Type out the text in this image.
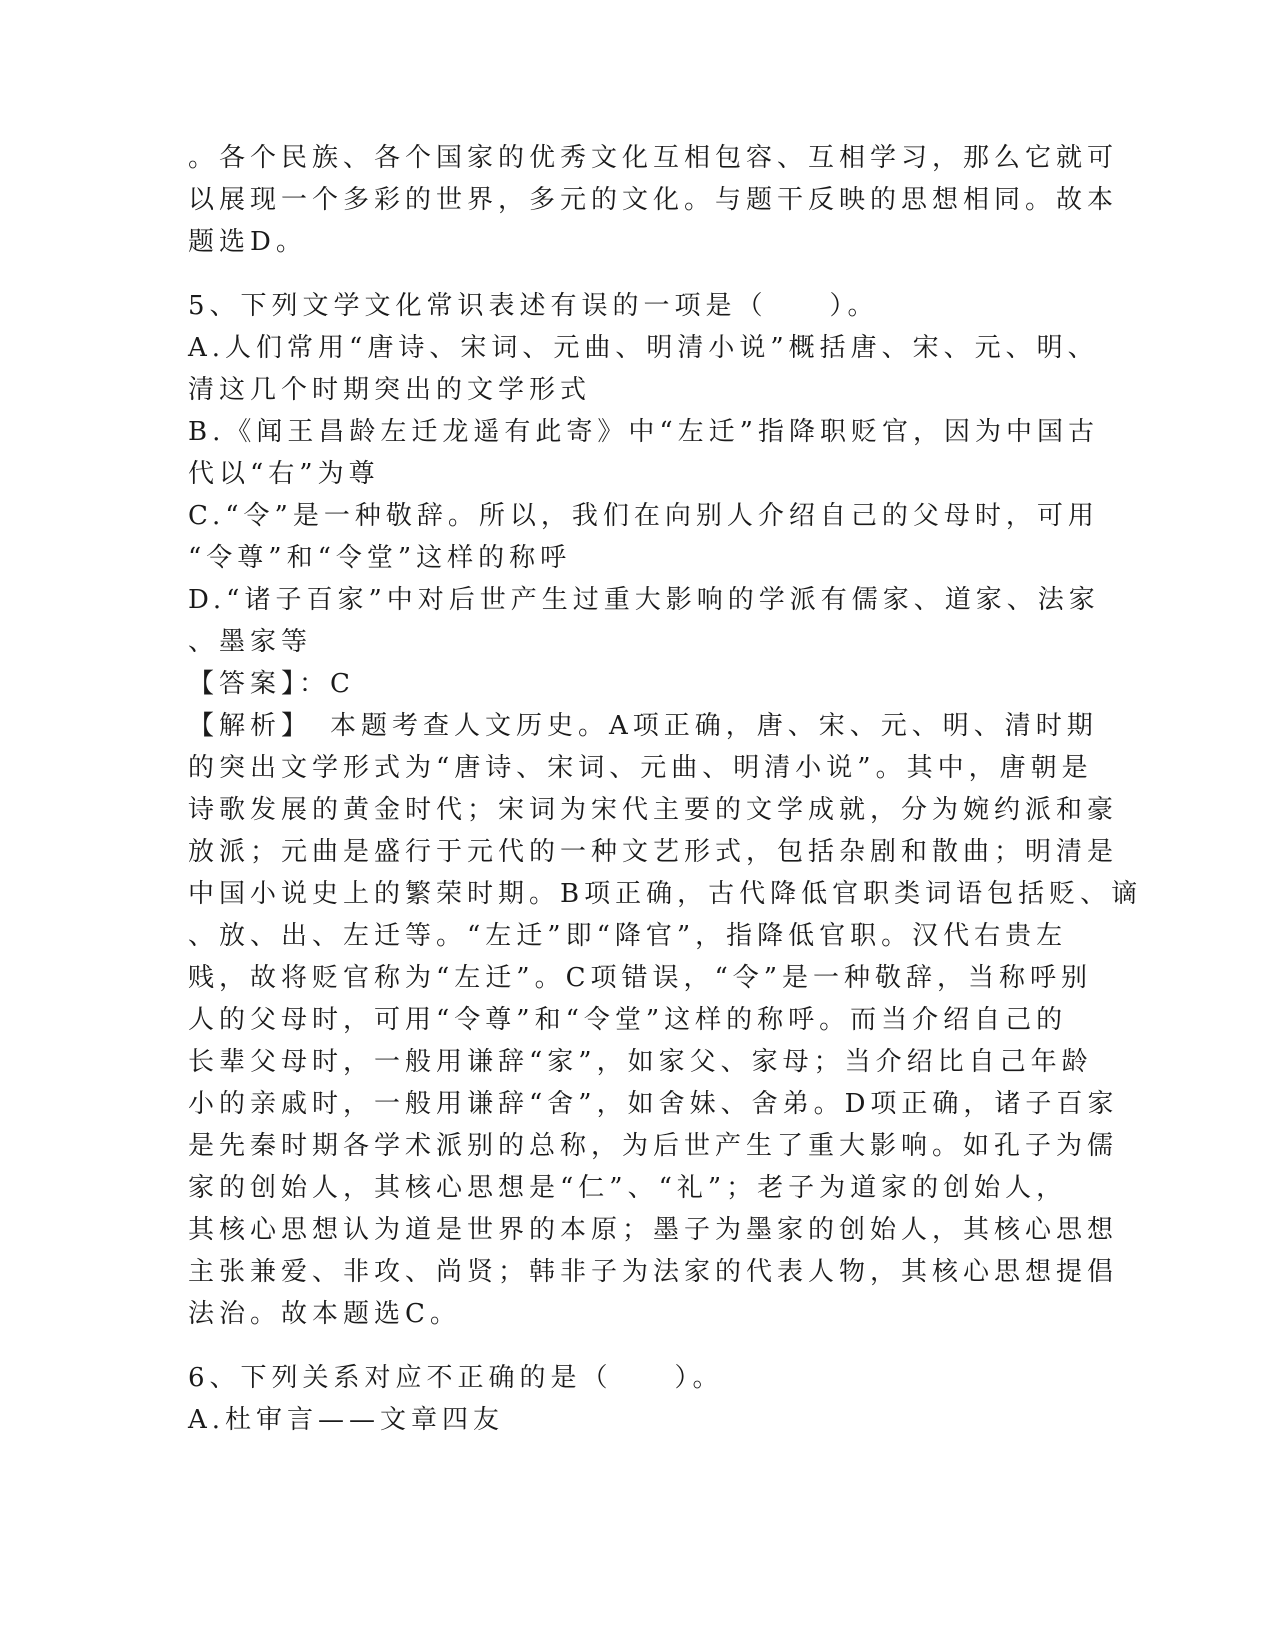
。各个民族、各个国家的优秀文化互相包容、互相学习，那么它就可
以展现一个多彩的世界，多元的文化。与题干反映的思想相同。故本
题选D。
5、下列文学文化常识表述有误的一项是（　　）。
A.人们常用“唐诗、宋词、元曲、明清小说”概括唐、宋、元、明、
清这几个时期突出的文学形式
B.《闻王昌龄左迁龙遥有此寄》中“左迁”指降职贬官，因为中国古
代以“右”为尊
C.“令”是一种敬辞。所以，我们在向别人介绍自己的父母时，可用
“令尊”和“令堂”这样的称呼
D.“诸子百家”中对后世产生过重大影响的学派有儒家、道家、法家
、墨家等
【答案】：C
【解析】　本题考查人文历史。A项正确，唐、宋、元、明、清时期
的突出文学形式为“唐诗、宋词、元曲、明清小说”。其中，唐朝是
诗歌发展的黄金时代；宋词为宋代主要的文学成就，分为婉约派和豪
放派；元曲是盛行于元代的一种文艺形式，包括杂剧和散曲；明清是
中国小说史上的繁荣时期。B项正确，古代降低官职类词语包括贬、谪
、放、出、左迁等。“左迁”即“降官”，指降低官职。汉代右贵左
贱，故将贬官称为“左迁”。C项错误，“令”是一种敬辞，当称呼别
人的父母时，可用“令尊”和“令堂”这样的称呼。而当介绍自己的
长辈父母时，一般用谦辞“家”，如家父、家母；当介绍比自己年龄
小的亲戚时，一般用谦辞“舍”，如舍妹、舍弟。D项正确，诸子百家
是先秦时期各学术派别的总称，为后世产生了重大影响。如孔子为儒
家的创始人，其核心思想是“仁”、“礼”；老子为道家的创始人，
其核心思想认为道是世界的本原；墨子为墨家的创始人，其核心思想
主张兼爱、非攻、尚贤；韩非子为法家的代表人物，其核心思想提倡
法治。故本题选C。
6、下列关系对应不正确的是（　　）。
A.杜审言——文章四友
